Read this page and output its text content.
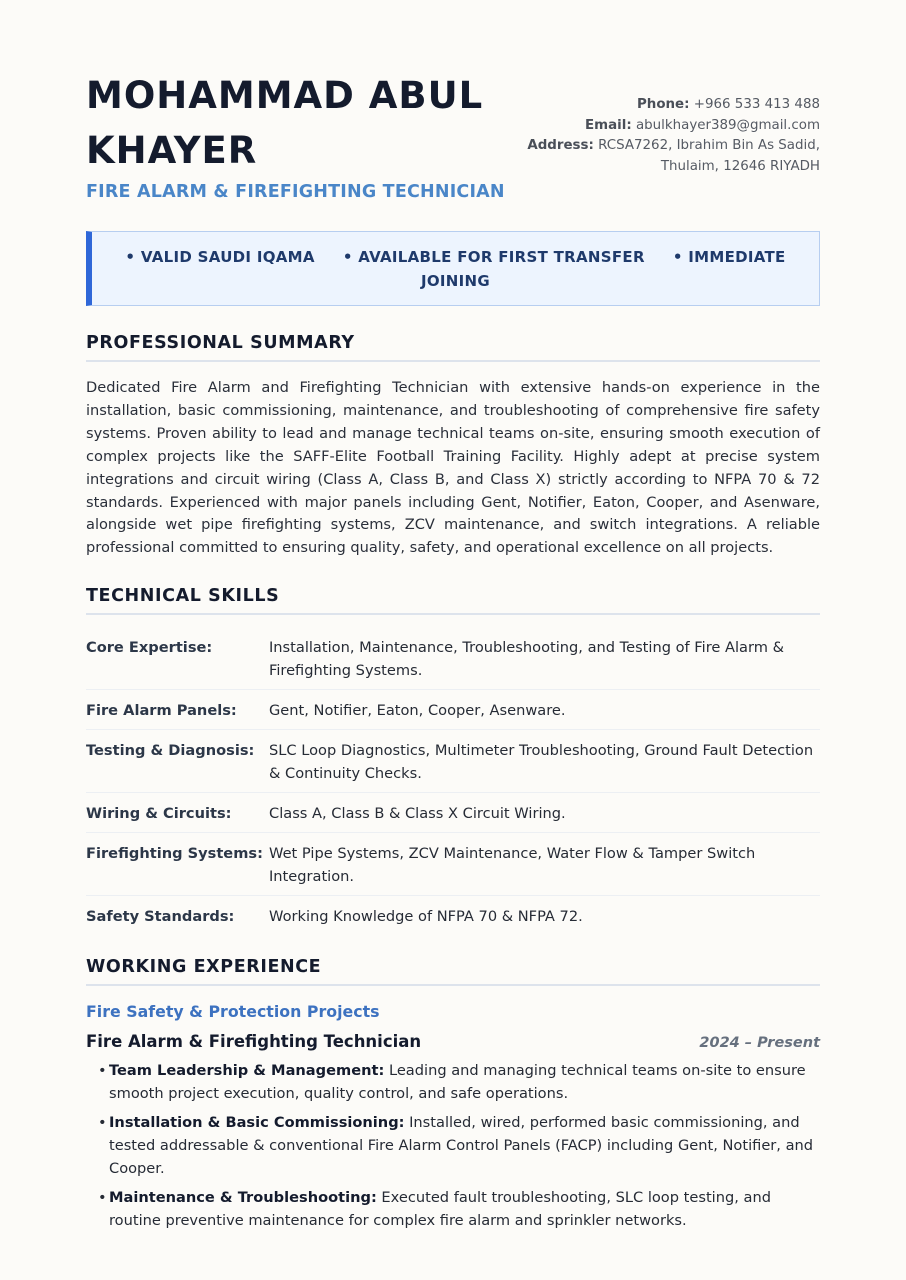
MOHAMMAD ABUL KHAYER
FIRE ALARM & FIREFIGHTING TECHNICIAN
Phone: +966 533 413 488
Email: abulkhayer389@gmail.com
Address: RCSA7262, Ibrahim Bin As Sadid,
Thulaim, 12646 RIYADH
• VALID SAUDI IQAMA • AVAILABLE FOR FIRST TRANSFER • IMMEDIATE
JOINING
PROFESSIONAL SUMMARY

Dedicated Fire Alarm and Firefighting Technician with extensive hands-on experience in the installation, basic commissioning, maintenance, and troubleshooting of comprehensive fire safety systems. Proven ability to lead and manage technical teams on-site, ensuring smooth execution of complex projects like the SAFF-Elite Football Training Facility. Highly adept at precise system integrations and circuit wiring (Class A, Class B, and Class X) strictly according to NFPA 70 & 72 standards. Experienced with major panels including Gent, Notifier, Eaton, Cooper, and Asenware, alongside wet pipe firefighting systems, ZCV maintenance, and switch integrations. A reliable professional committed to ensuring quality, safety, and operational excellence on all projects.

TECHNICAL SKILLS
Core Expertise:	Installation, Maintenance, Troubleshooting, and Testing of Fire Alarm & Firefighting Systems.
Fire Alarm Panels:	Gent, Notifier, Eaton, Cooper, Asenware.
Testing & Diagnosis:	SLC Loop Diagnostics, Multimeter Troubleshooting, Ground Fault Detection & Continuity Checks.
Wiring & Circuits:	Class A, Class B & Class X Circuit Wiring.
Firefighting Systems: Wet Pipe Systems, ZCV Maintenance, Water Flow & Tamper Switch Integration.
Safety Standards:	Working Knowledge of NFPA 70 & NFPA 72.
WORKING EXPERIENCE
Fire Safety & Protection Projects
Fire Alarm & Firefighting Technician	2024 – Present
• Team Leadership & Management: Leading and managing technical teams on-site to ensure smooth project execution, quality control, and safe operations.
• Installation & Basic Commissioning: Installed, wired, performed basic commissioning, and tested addressable & conventional Fire Alarm Control Panels (FACP) including Gent, Notifier, and Cooper.
• Maintenance & Troubleshooting: Executed fault troubleshooting, SLC loop testing, and routine preventive maintenance for complex fire alarm and sprinkler networks.
